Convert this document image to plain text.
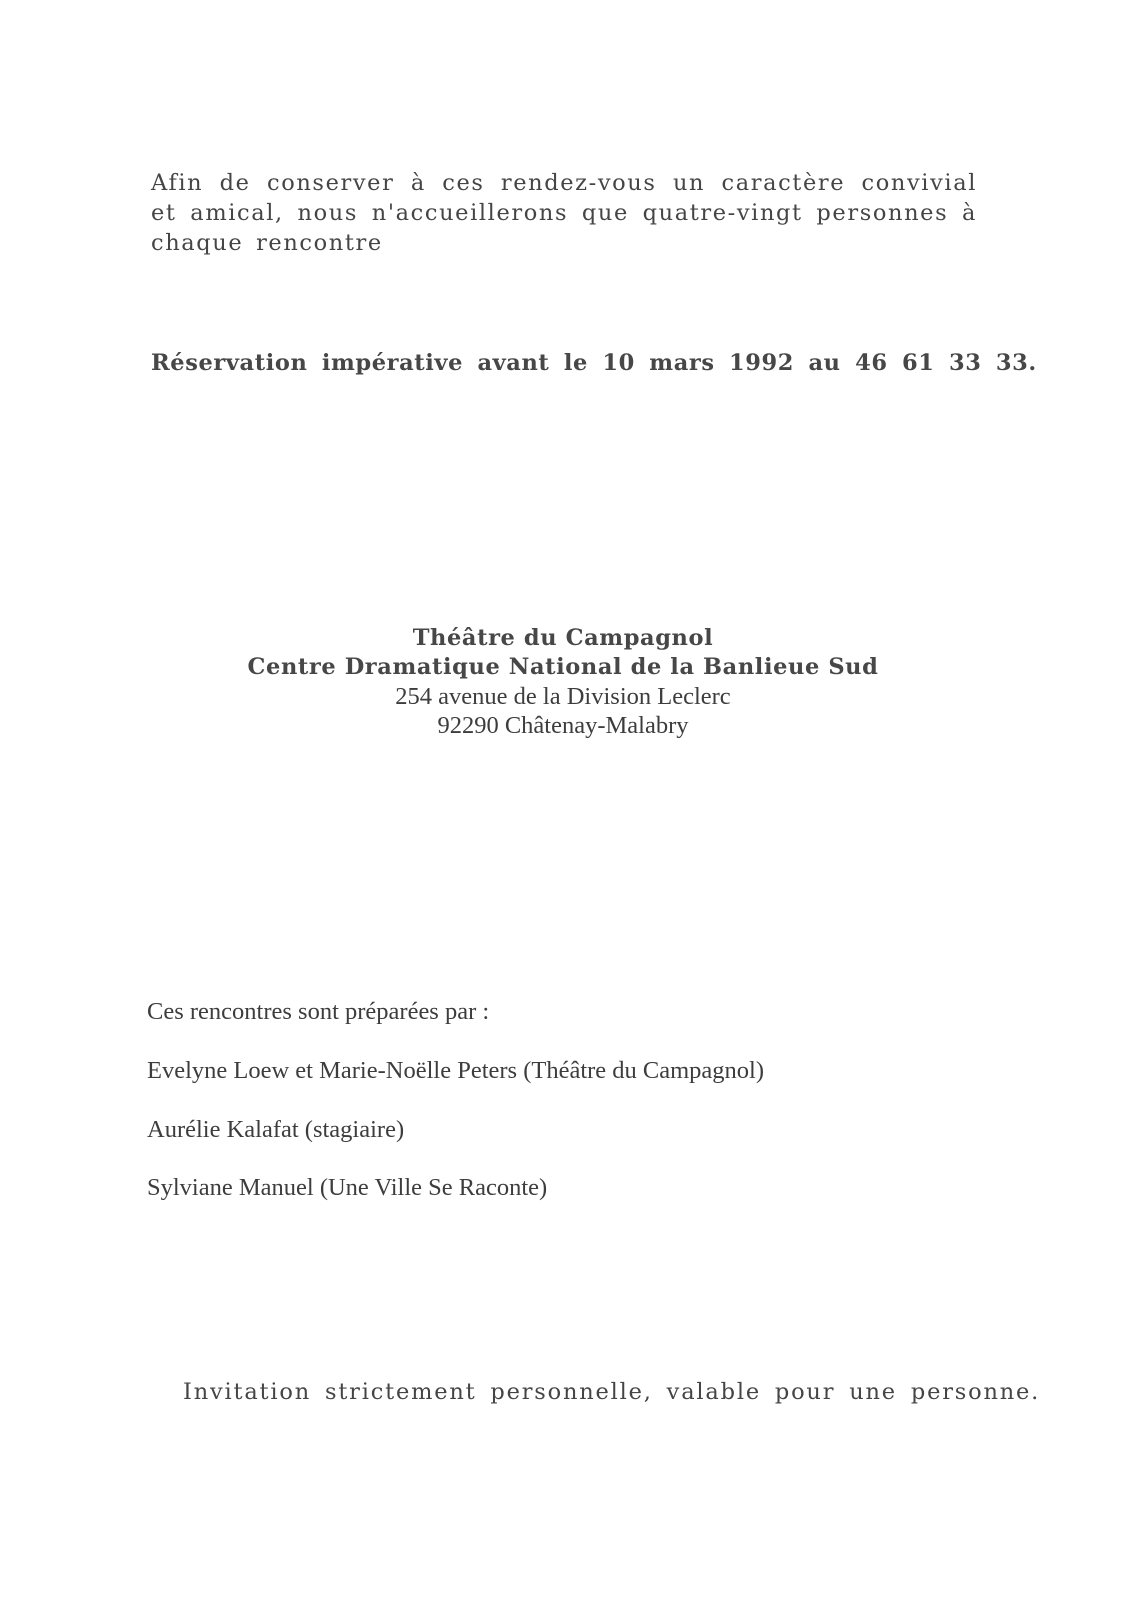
Afin de conserver à ces rendez-vous un caractère convivial et amical, nous n'accueillerons que quatre-vingt personnes à chaque rencontre

Réservation impérative avant le 10 mars 1992 au 46 61 33 33.
Théâtre du Campagnol
Centre Dramatique National de la Banlieue Sud
254 avenue de la Division Leclerc
92290 Châtenay-Malabry
Ces rencontres sont préparées par :
Evelyne Loew et Marie-Noëlle Peters (Théâtre du Campagnol)
Aurélie Kalafat (stagiaire)
Sylviane Manuel (Une Ville Se Raconte)
Invitation strictement personnelle, valable pour une personne.
